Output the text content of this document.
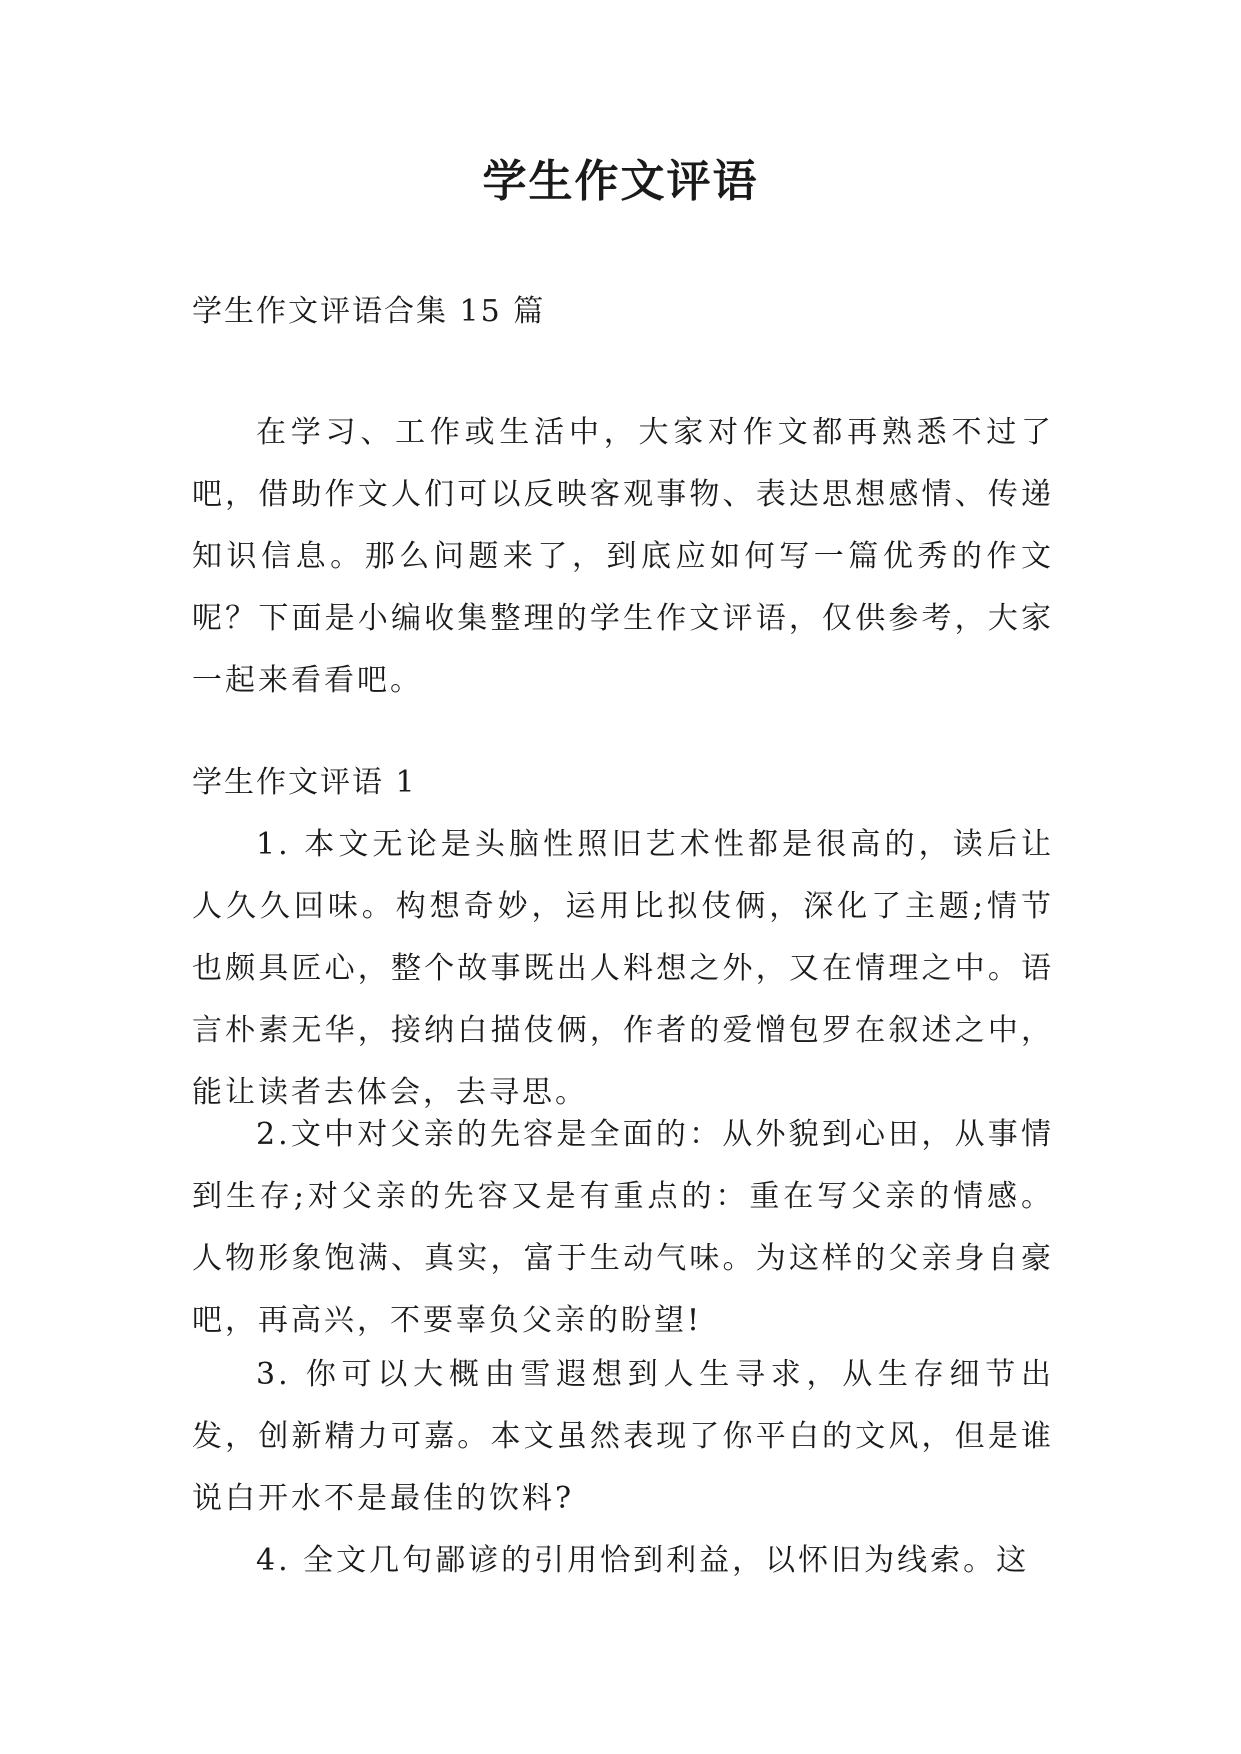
学生作文评语

学生作文评语合集 15 篇

在学习、工作或生活中，大家对作文都再熟悉不过了吧，借助作文人们可以反映客观事物、表达思想感情、传递知识信息。那么问题来了，到底应如何写一篇优秀的作文呢？下面是小编收集整理的学生作文评语，仅供参考，大家一起来看看吧。

学生作文评语 1

1. 本文无论是头脑性照旧艺术性都是很高的，读后让人久久回味。构想奇妙，运用比拟伎俩，深化了主题;情节也颇具匠心，整个故事既出人料想之外，又在情理之中。语言朴素无华，接纳白描伎俩，作者的爱憎包罗在叙述之中，能让读者去体会，去寻思。

2.文中对父亲的先容是全面的：从外貌到心田，从事情到生存;对父亲的先容又是有重点的：重在写父亲的情感。人物形象饱满、真实，富于生动气味。为这样的父亲身自豪吧，再高兴，不要辜负父亲的盼望!

3. 你可以大概由雪遐想到人生寻求，从生存细节出发，创新精力可嘉。本文虽然表现了你平白的文风，但是谁说白开水不是最佳的饮料?

4. 全文几句鄙谚的引用恰到利益，以怀旧为线索。这
